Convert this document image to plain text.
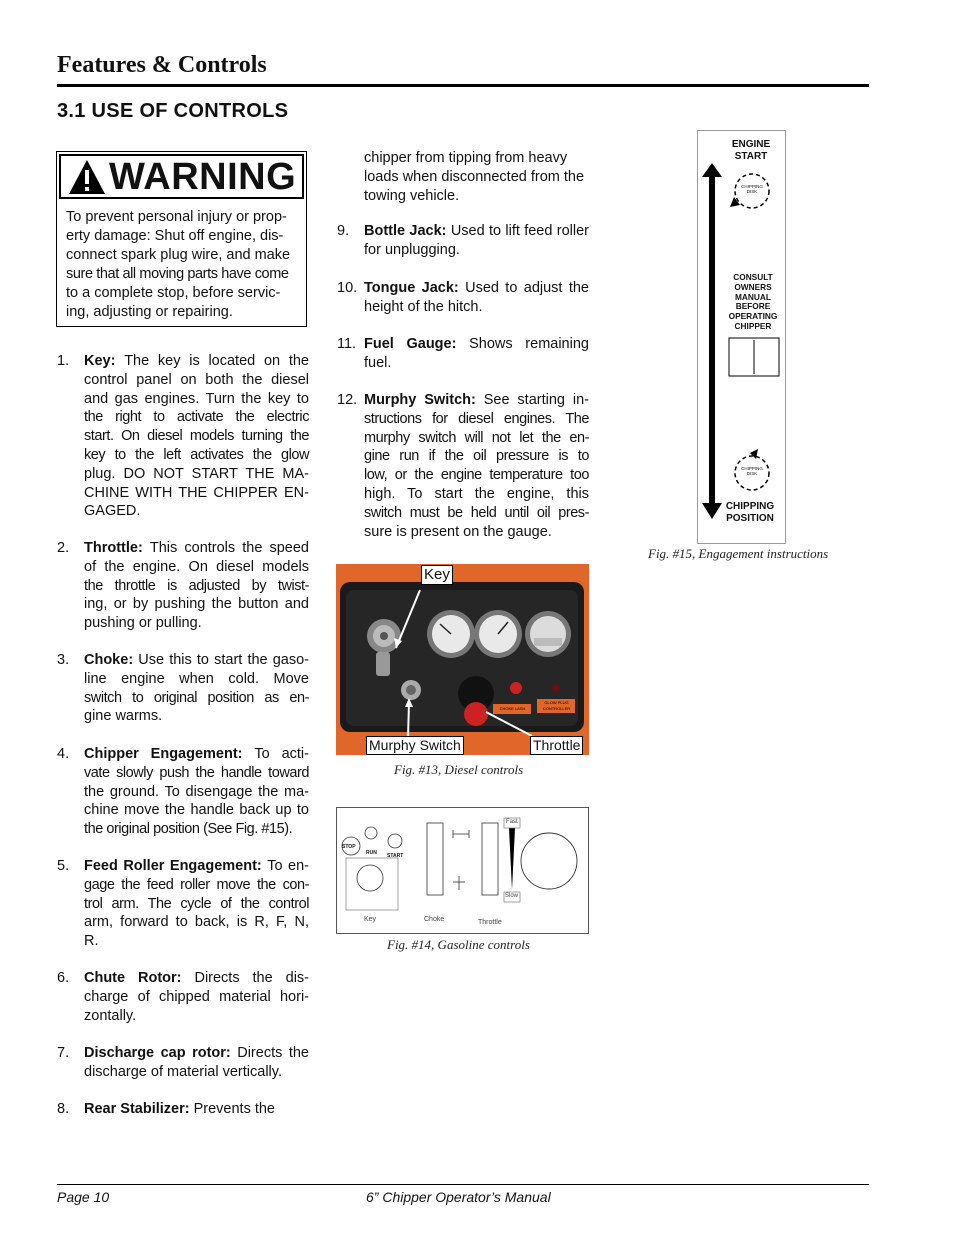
Features & Controls
3.1 USE OF CONTROLS
WARNING
To prevent personal injury or prop-
erty damage: Shut off engine, dis-
connect spark plug wire, and make
sure that all moving parts have come
to a complete stop, before servic-
ing, adjusting or repairing.
1. Key: The key is located on the
control panel on both the diesel
and gas engines. Turn the key to
the right to activate the electric
start. On diesel models turning the
key to the left activates the glow
plug. DO NOT START THE MA-
CHINE WITH THE CHIPPER EN-
GAGED.
2. Throttle: This controls the speed
of the engine. On diesel models
the throttle is adjusted by twist-
ing, or by pushing the button and
pushing or pulling.
3. Choke: Use this to start the gaso-
line engine when cold. Move
switch to original position as en-
gine warms.
4. Chipper Engagement: To acti-
vate slowly push the handle toward
the ground. To disengage the ma-
chine move the handle back up to
the original position (See Fig. #15).
5. Feed Roller Engagement: To en-
gage the feed roller move the con-
trol arm. The cycle of the control
arm, forward to back, is R, F, N,
R.
6. Chute Rotor: Directs the dis-
charge of chipped material hori-
zontally.
7. Discharge cap rotor: Directs the
discharge of material vertically.
8. Rear Stabilizer: Prevents the
9. Bottle Jack: Used to lift feed roller
for unplugging.
10. Tongue Jack: Used to adjust the
height of the hitch.
11. Fuel Gauge: Shows remaining
fuel.
12. Murphy Switch: See starting in-
structions for diesel engines. The
murphy switch will not let the en-
gine run if the oil pressure is to
low, or the engine temperature too
high. To start the engine, this
switch must be held until oil pres-
sure is present on the gauge.
chipper from tipping from heavy
loads when disconnected from the
towing vehicle.
Key
Murphy Switch	Throttle
CHOKE LASH
GLOW PLUG CONTROLLER
Fig. #13, Diesel controls
STOP
RUN START
Key	Choke	Throttle
Fast
Slow
Fig. #14, Gasoline controls
ENGINE
START
CHIPPING
DISK
CONSULT
OWNERS
MANUAL
BEFORE
OPERATING
CHIPPER
CHIPPING
DISK
CHIPPING
POSITION
Fig. #15, Engagement instructions
Page 10	6” Chipper Operator’s Manual
